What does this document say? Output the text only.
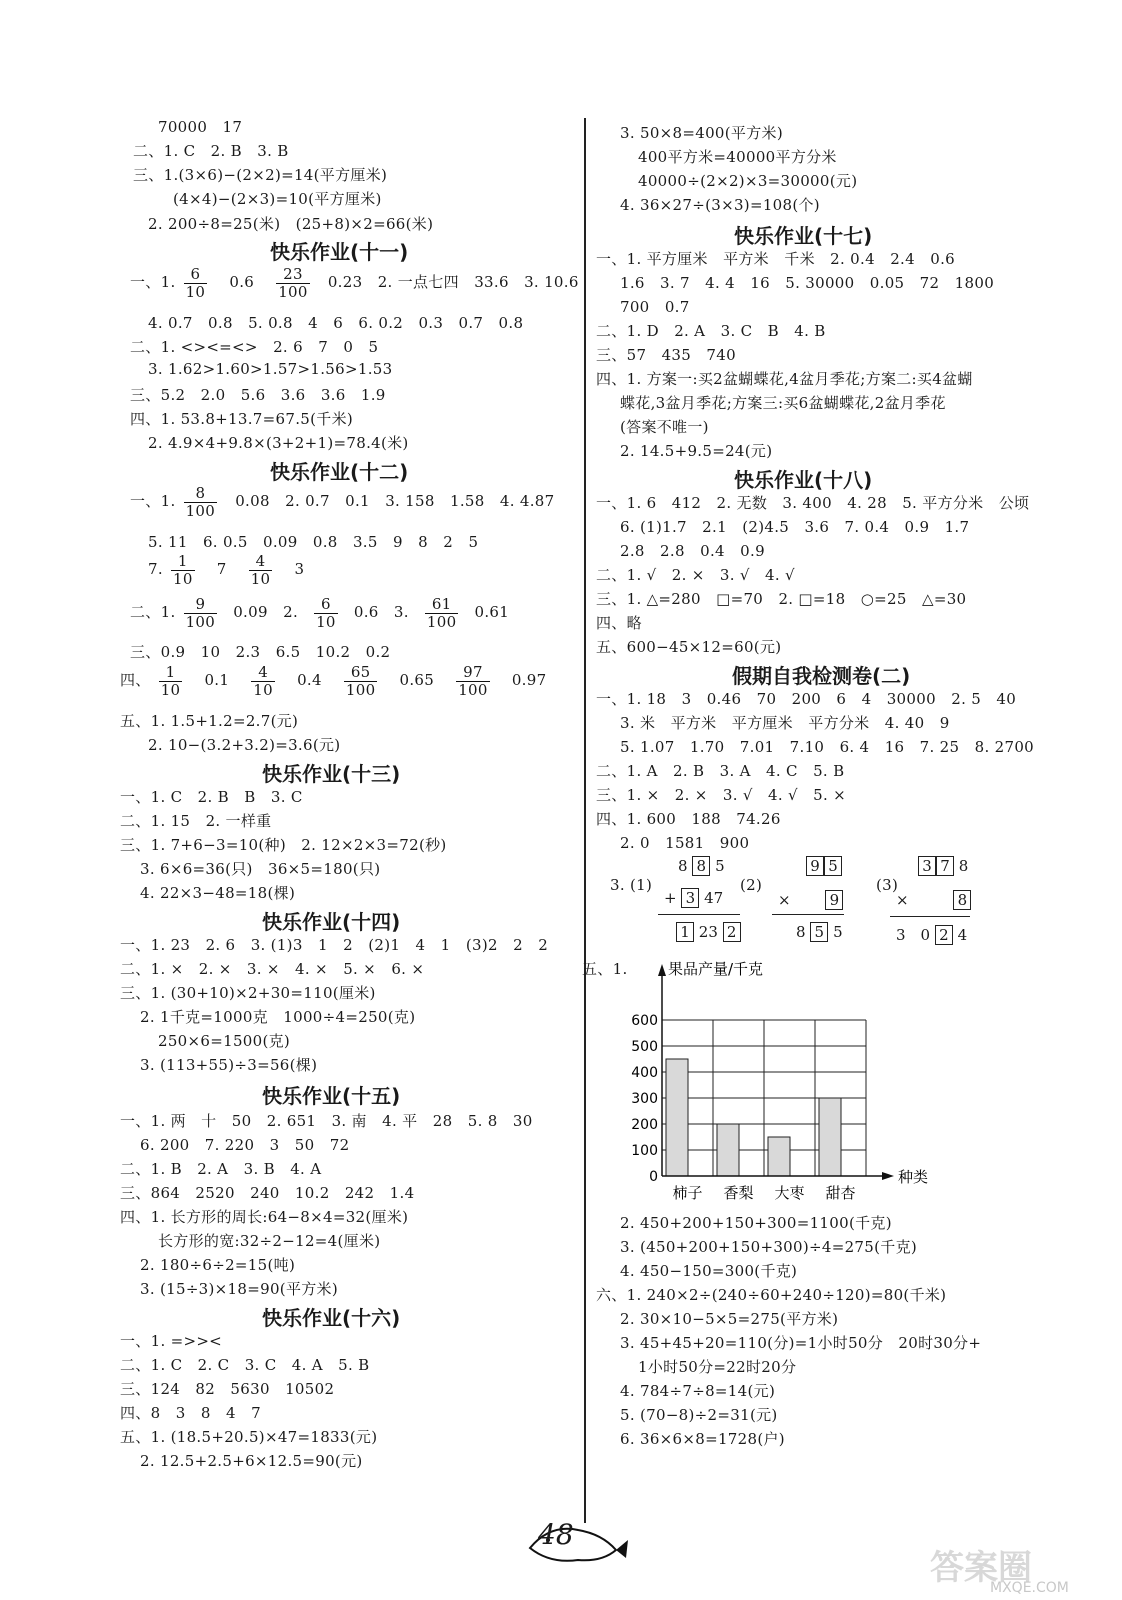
70000　17
二、1. C　2. B　3. B
三、1.(3×6)−(2×2)=14(平方厘米)
(4×4)−(2×3)=10(平方厘米)
2. 200÷8=25(米)　(25+8)×2=66(米)
快乐作业(十一)
一、1. $\frac{6}{10} 0.6 \frac{23}{100} 0.23$　2. 一点七四　33.6　3. 10.6
4. 0.7　0.8　5. 0.8　4　6　6. 0.2　0.3　0.7　0.8
二、1. <><=<>　2. 6　7　0　5
3. 1.62>1.60>1.57>1.56>1.53
三、5.2　2.0　5.6　3.6　3.6　1.9
四、1. 53.8+13.7=67.5(千米)
2. 4.9×4+9.8×(3+2+1)=78.4(米)
快乐作业(十二)
一、1. $\frac{8}{100} 0.08$　2. 0.7　0.1　3. 158　1.58　4. 4.87
5. 11　6. 0.5　0.09　0.8　3.5　9　8　2　5
7. $\frac{1}{10} 7 \frac{4}{10} 3$
二、1. $\frac{9}{100} 0.09$　2. $\frac{6}{10} 0.6$　3. $\frac{61}{100} 0.61$
三、0.9　10　2.3　6.5　10.2　0.2
四、 $\frac{1}{10} 0.1 \frac{4}{10} 0.4 \frac{65}{100} 0.65 \frac{97}{100} 0.97$
五、1. 1.5+1.2=2.7(元)
2. 10−(3.2+3.2)=3.6(元)
快乐作业(十三)
一、1. C　2. B　B　3. C
二、1. 15　2. 一样重
三、1. 7+6−3=10(种)　2. 12×2×3=72(秒)
3. 6×6=36(只)　36×5=180(只)
4. 22×3−48=18(棵)
快乐作业(十四)
一、1. 23　2. 6　3. (1)3　1　2　(2)1　4　1　(3)2　2　2
二、1. ×　2. ×　3. ×　4. ×　5. ×　6. ×
三、1. (30+10)×2+30=110(厘米)
2. 1千克=1000克　1000÷4=250(克)
250×6=1500(克)
3. (113+55)÷3=56(棵)
快乐作业(十五)
一、1. 两　十　50　2. 651　3. 南　4. 平　28　5. 8　30
6. 200　7. 220　3　50　72
二、1. B　2. A　3. B　4. A
三、864　2520　240　10.2　242　1.4
四、1. 长方形的周长:64−8×4=32(厘米)
长方形的宽:32÷2−12=4(厘米)
2. 180÷6÷2=15(吨)
3. (15÷3)×18=90(平方米)
快乐作业(十六)
一、1. =>><
二、1. C　2. C　3. C　4. A　5. B
三、124　82　5630　10502
四、8　3　8　4　7
五、1. (18.5+20.5)×47=1833(元)
2. 12.5+2.5+6×12.5=90(元)
3. 50×8=400(平方米)
400平方米=40000平方分米
40000÷(2×2)×3=30000(元)
4. 36×27÷(3×3)=108(个)
快乐作业(十七)
一、1. 平方厘米　平方米　千米　2. 0.4　2.4　0.6
1.6　3. 7　4. 4　16　5. 30000　0.05　72　1800
700　0.7
二、1. D　2. A　3. C　B　4. B
三、57　435　740
四、1. 方案一:买2盆蝴蝶花,4盆月季花;方案二:买4盆蝴
蝶花,3盆月季花;方案三:买6盆蝴蝶花,2盆月季花
(答案不唯一)
2. 14.5+9.5=24(元)
快乐作业(十八)
一、1. 6　412　2. 无数　3. 400　4. 28　5. 平方分米　公顷
6. (1)1.7　2.1　(2)4.5　3.6　7. 0.4　0.9　1.7
2.8　2.8　0.4　0.9
二、1. √　2. ×　3. √　4. √
三、1. △=280　□=70　2. □=18　○=25　△=30
四、略
五、600−45×12=60(元)
假期自我检测卷(二)
一、1. 18　3　0.46　70　200　6　4　30000　2. 5　40
3. 米　平方米　平方厘米　平方分米　4. 40　9
5. 1.07　1.70　7.01　7.10　6. 4　16　7. 25　8. 2700
二、1. A　2. B　3. A　4. C　5. B
三、1. ×　2. ×　3. √　4. √　5. ×
四、1. 600　188　74.26
2. 0　1581　900
3. (1)
8 8 5
+ 3 47
1 23 2
(2)
9 5
×	9
8 5 5
(3)
3 7 8
×	8
3　0 2 4
五、1.
柿子 香梨 大枣 甜杏
0
100
200
300
400
500
600
果品产量/千克
种类
2. 450+200+150+300=1100(千克)
3. (450+200+150+300)÷4=275(千克)
4. 450−150=300(千克)
六、1. 240×2÷(240÷60+240÷120)=80(千米)
2. 30×10−5×5=275(平方米)
3. 45+45+20=110(分)=1小时50分　20时30分+
1小时50分=22时20分
4. 784÷7÷8=14(元)
5. (70−8)÷2=31(元)
6. 36×6×8=1728(户)
48
答案圈
MXQE.COM
